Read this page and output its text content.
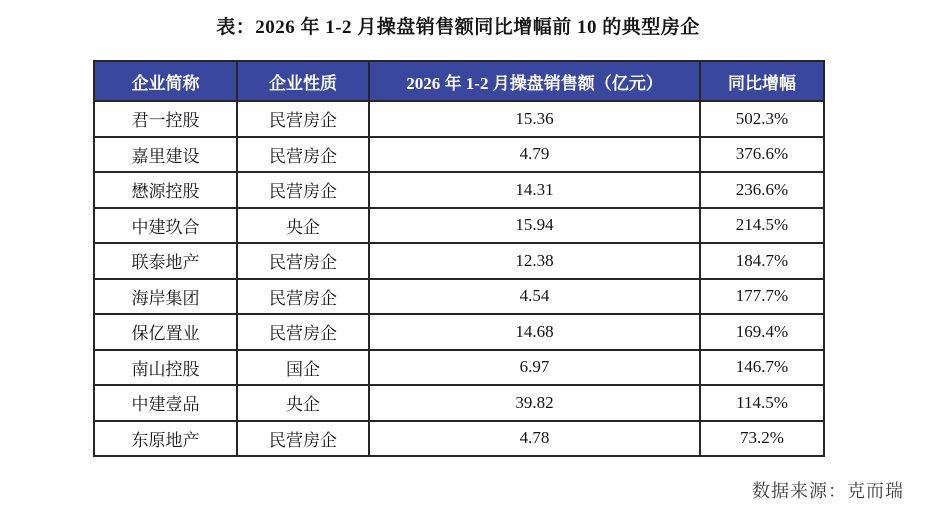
表：2026 年 1-2 月操盘销售额同比增幅前 10 的典型房企
企业简称	企业性质	2026 年 1-2 月操盘销售额（亿元）	同比增幅
君一控股	民营房企	15.36	502.3%
嘉里建设	民营房企	4.79	376.6%
懋源控股	民营房企	14.31	236.6%
中建玖合	央企	15.94	214.5%
联泰地产	民营房企	12.38	184.7%
海岸集团	民营房企	4.54	177.7%
保亿置业	民营房企	14.68	169.4%
南山控股	国企	6.97	146.7%
中建壹品	央企	39.82	114.5%
东原地产	民营房企	4.78	73.2%
数据来源：克而瑞
